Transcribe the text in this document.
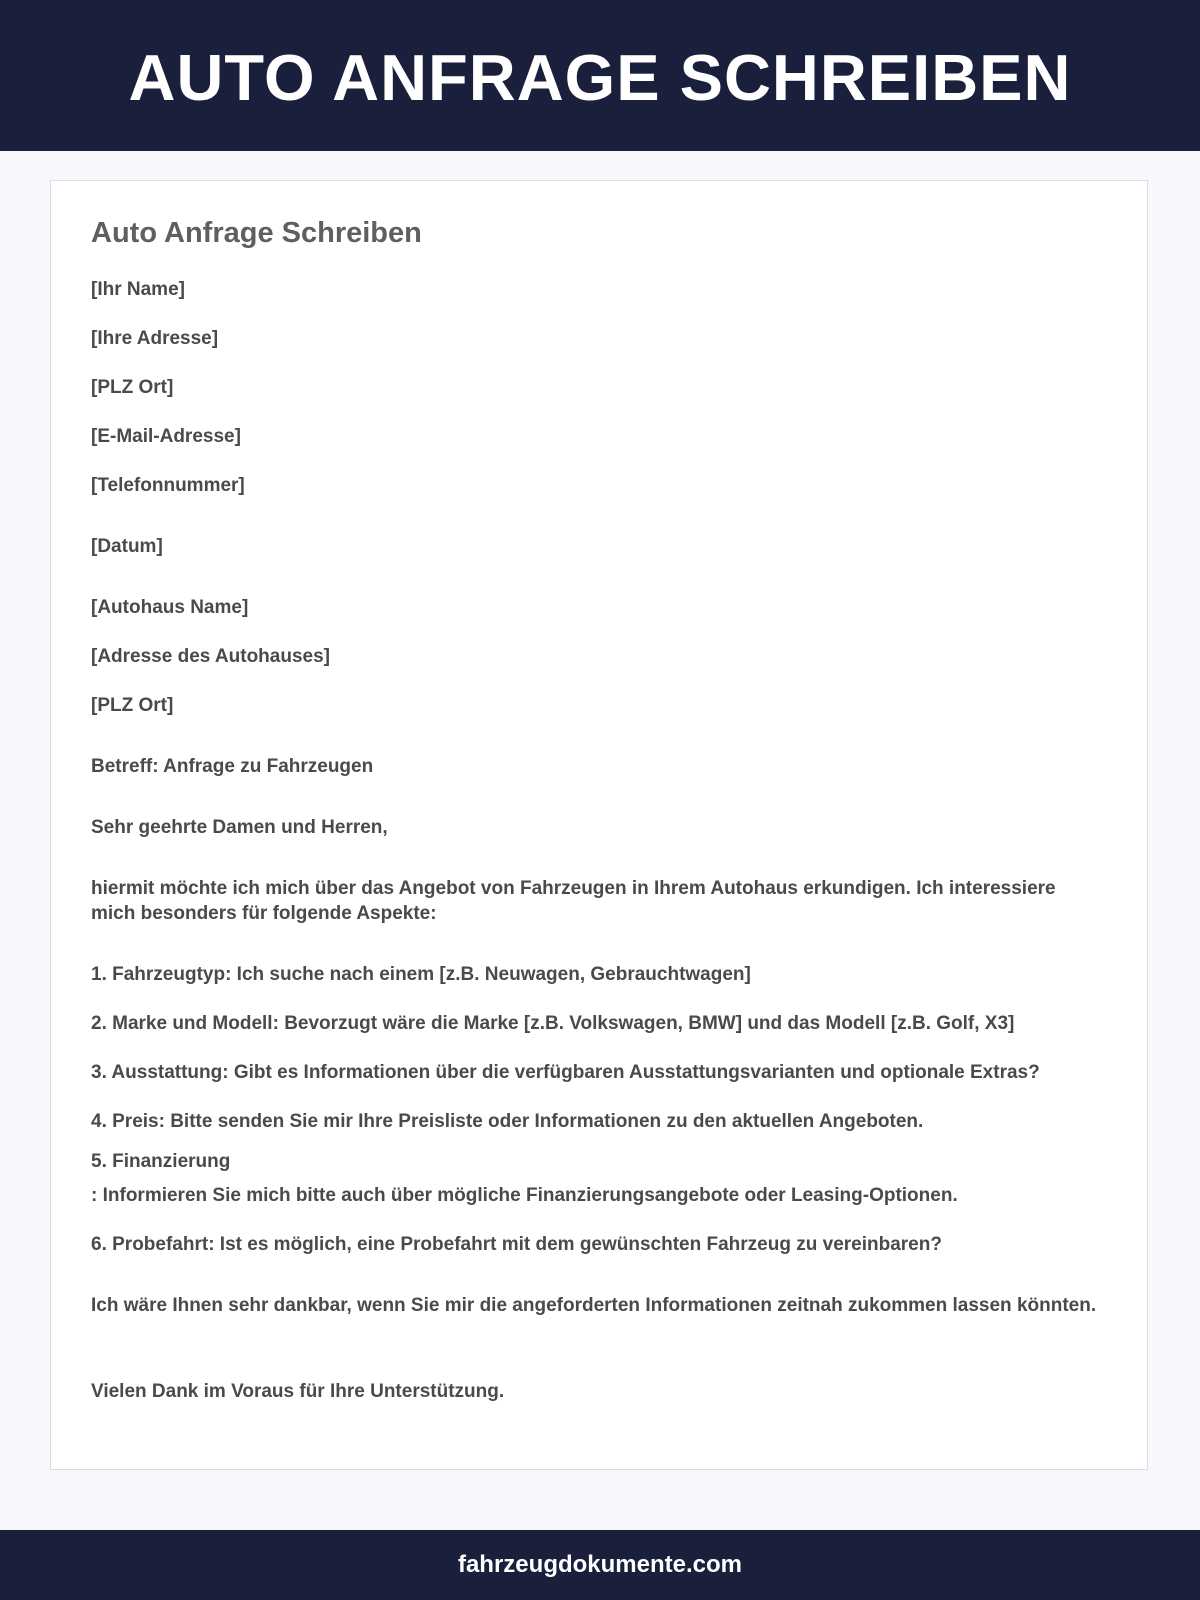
AUTO ANFRAGE SCHREIBEN
Auto Anfrage Schreiben

[Ihr Name]

[Ihre Adresse]

[PLZ Ort]

[E-Mail-Adresse]

[Telefonnummer]

[Datum]

[Autohaus Name]

[Adresse des Autohauses]

[PLZ Ort]

Betreff: Anfrage zu Fahrzeugen

Sehr geehrte Damen und Herren,

hiermit möchte ich mich über das Angebot von Fahrzeugen in Ihrem Autohaus erkundigen. Ich interessiere mich besonders für folgende Aspekte:

1. Fahrzeugtyp: Ich suche nach einem [z.B. Neuwagen, Gebrauchtwagen]

2. Marke und Modell: Bevorzugt wäre die Marke [z.B. Volkswagen, BMW] und das Modell [z.B. Golf, X3]

3. Ausstattung: Gibt es Informationen über die verfügbaren Ausstattungsvarianten und optionale Extras?

4. Preis: Bitte senden Sie mir Ihre Preisliste oder Informationen zu den aktuellen Angeboten.

5. Finanzierung

: Informieren Sie mich bitte auch über mögliche Finanzierungsangebote oder Leasing-Optionen.

6. Probefahrt: Ist es möglich, eine Probefahrt mit dem gewünschten Fahrzeug zu vereinbaren?

Ich wäre Ihnen sehr dankbar, wenn Sie mir die angeforderten Informationen zeitnah zukommen lassen könnten.

Vielen Dank im Voraus für Ihre Unterstützung.

fahrzeugdokumente.com
